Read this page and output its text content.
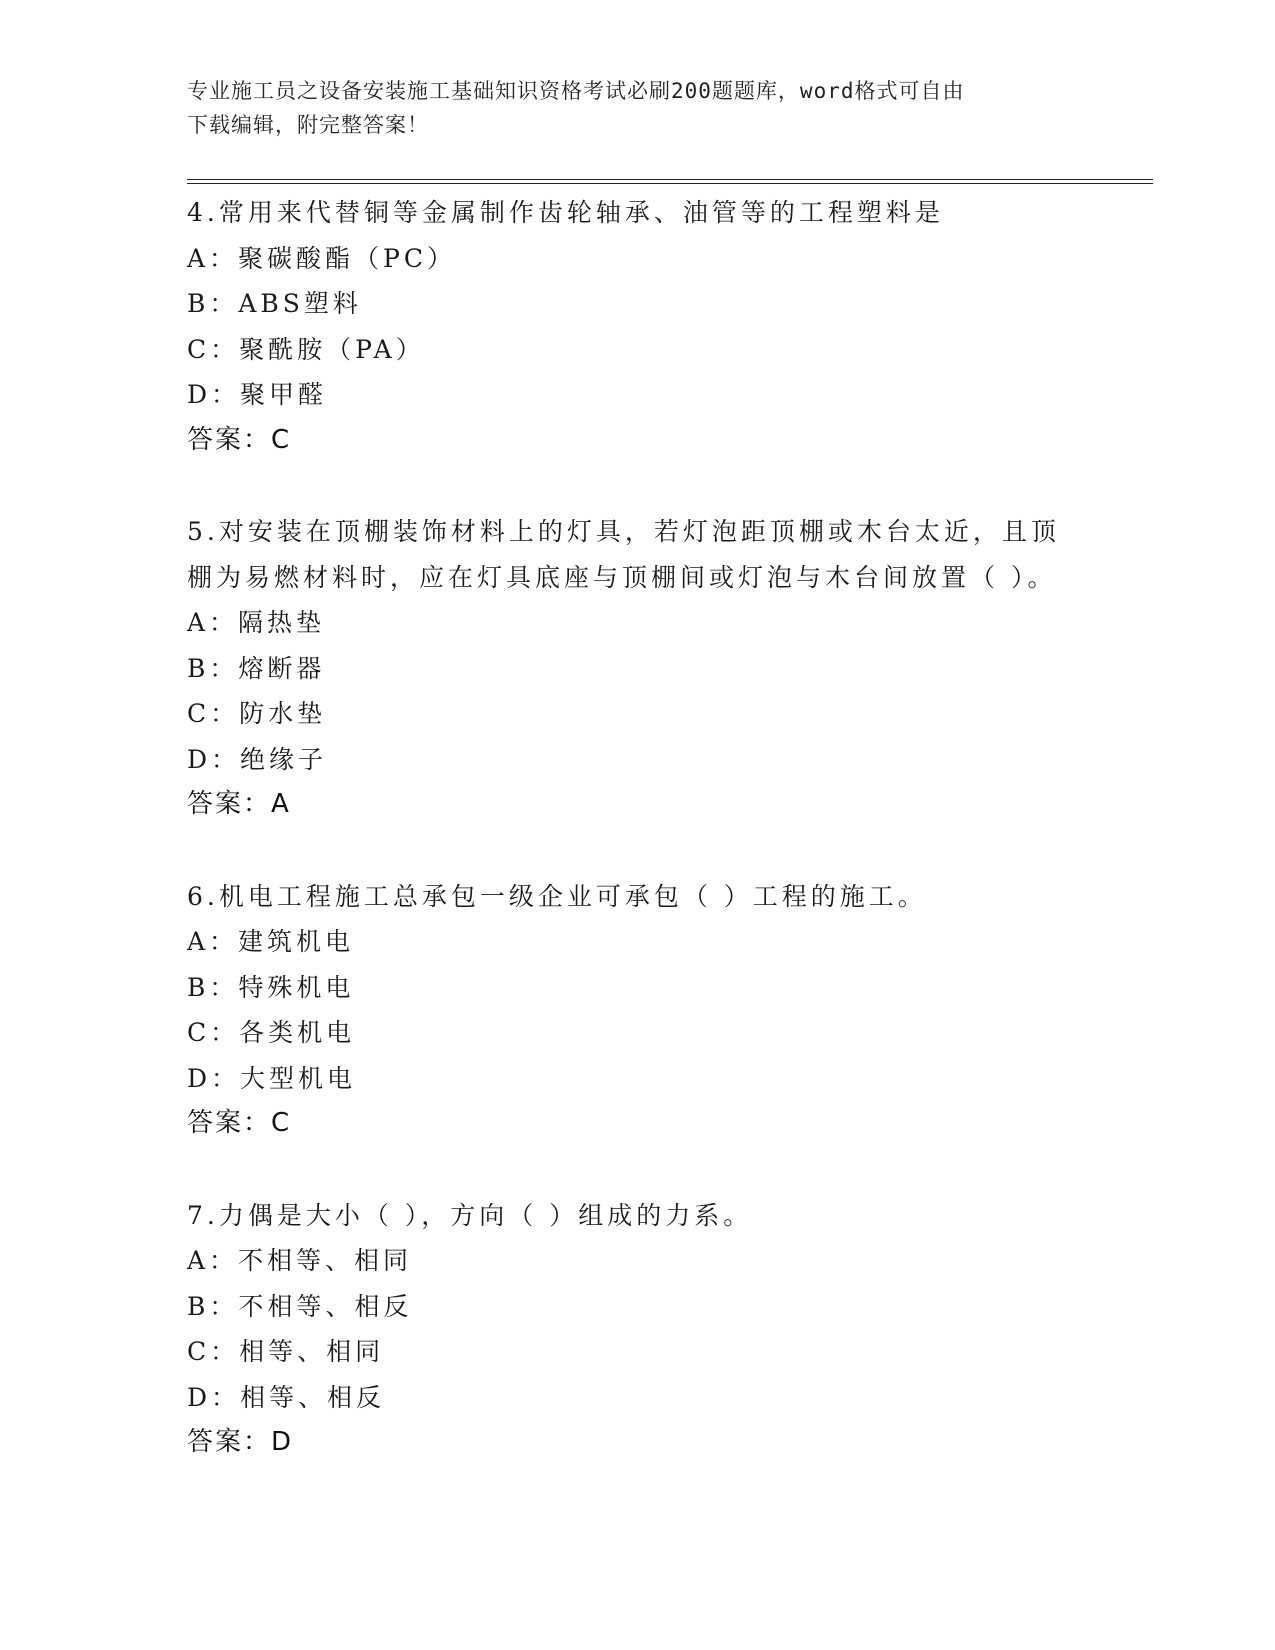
专业施工员之设备安装施工基础知识资格考试必刷200题题库，word格式可自由
下载编辑，附完整答案！
4.常用来代替铜等金属制作齿轮轴承、油管等的工程塑料是
A：聚碳酸酯（PC）
B：ABS塑料
C：聚酰胺（PA）
D：聚甲醛
答案：C
5.对安装在顶棚装饰材料上的灯具，若灯泡距顶棚或木台太近，且顶
棚为易燃材料时，应在灯具底座与顶棚间或灯泡与木台间放置（ ）。
A：隔热垫
B：熔断器
C：防水垫
D：绝缘子
答案：A
6.机电工程施工总承包一级企业可承包（ ）工程的施工。
A：建筑机电
B：特殊机电
C：各类机电
D：大型机电
答案：C
7.力偶是大小（ ），方向（ ）组成的力系。
A：不相等、相同
B：不相等、相反
C：相等、相同
D：相等、相反
答案：D
